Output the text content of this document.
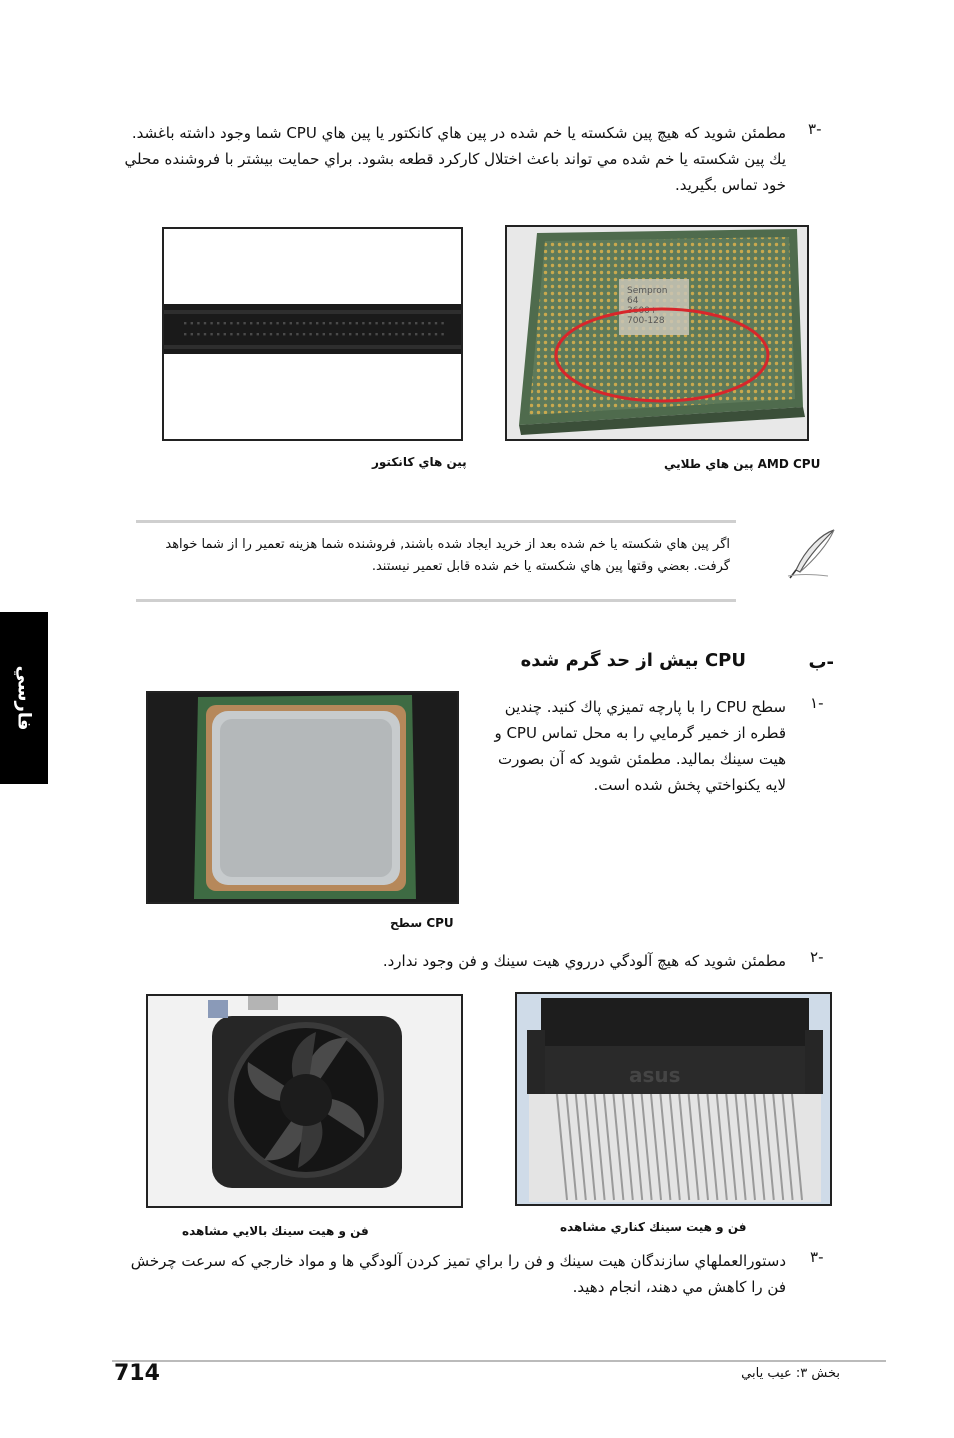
-٣
مطمئن شويد كه هيچ پين شكسته يا خم شده در پين هاي كانكتور يا پين هاي CPU شما وجود داشته باغشد. يك پين شكسته يا خم شده مي تواند باعث اختلال كاركرد قطعه بشود. براي حمايت بيشتر با فروشنده محلي خود تماس بگيريد.
پين هاي كانكتور
Sempron
64
3600+
700-128
AMD CPU پين هاي طلايي
اگر پين هاي شكسته يا خم شده بعد از خريد ايجاد شده باشند, فروشنده شما هزينه تعمير را از شما خواهد گرفت. بعضي وقتها پين هاي شكسته يا خم شده قابل تعمير نيستند.
فارسي
CPU بيش از حد گرم شده	-ب
-١
سطح CPU را با پارچه تميزي پاك كنيد. چندين قطره از خمير گرمايي را به محل تماس CPU و هيت سينك بماليد. مطمئن شويد كه آن بصورت لايه يكنواختي پخش شده است.
CPU سطح
-٢
مطمئن شويد كه هيچ آلودگي درروي هيت سينك و فن وجود ندارد.
فن و هيت سينك بالايي مشاهده
asus
فن و هيت سينك كناري مشاهده
-٣
دستورالعملهاي سازندگان هيت سينك و فن را براي تميز كردن آلودگي ها و مواد خارجي كه سرعت چرخش فن را كاهش مي دهند، انجام دهيد.
714	بخش ٣: عيب يابي
